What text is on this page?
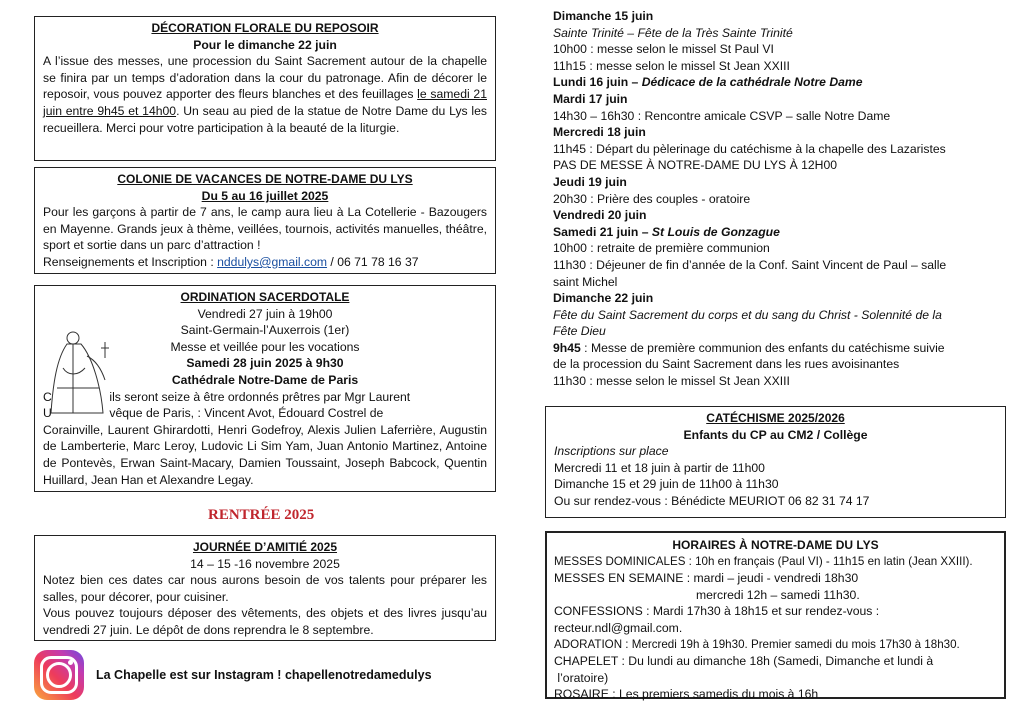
DÉCORATION FLORALE DU REPOSOIR
Pour le dimanche 22 juin

A l’issue des messes, une procession du Saint Sacrement autour de la chapelle se finira par un temps d’adoration dans la cour du patronage. Afin de décorer le reposoir, vous pouvez apporter des fleurs blanches et des feuillages le samedi 21 juin entre 9h45 et 14h00. Un seau au pied de la statue de Notre Dame du Lys les recueillera. Merci pour votre participation à la beauté de la liturgie.

COLONIE DE VACANCES DE NOTRE-DAME DU LYS
Du 5 au 16 juillet 2025

Pour les garçons à partir de 7 ans, le camp aura lieu à La Cotellerie - Bazougers en Mayenne. Grands jeux à thème, veillées, tournois, activités manuelles, théâtre, sport et sortie dans un parc d’attraction !

Renseignements et Inscription : nddulys@gmail.com / 06 71 78 16 37

ORDINATION SACERDOTALE
Vendredi 27 juin à 19h00
Saint-Germain-l’Auxerrois (1er)
Messe et veillée pour les vocations
Samedi 28 juin 2025 à 9h30
Cathédrale Notre-Dame de Paris

C                 ils seront seize à être ordonnés prêtres par Mgr Laurent

U                 vêque de Paris, : Vincent Avot, Édouard Costrel de

Corainville, Laurent Ghirardotti, Henri Godefroy, Alexis Julien Laferrière, Augustin de Lamberterie, Marc Leroy, Ludovic Li Sim Yam, Juan Antonio Martinez, Antoine de Pontevès, Erwan Saint-Macary, Damien Toussaint, Joseph Babcock, Quentin Huillard, Jean Han et Alexandre Legay.

RENTRÉE 2025
JOURNÉE D’AMITIÉ 2025
14 – 15 -16 novembre 2025

Notez bien ces dates car nous aurons besoin de vos talents pour préparer les salles, pour décorer, pour cuisiner.

Vous pouvez toujours déposer des vêtements, des objets et des livres jusqu’au vendredi 27 juin. Le dépôt de dons reprendra le 8 septembre.

La Chapelle est sur Instagram ! chapellenotredamedulys

Dimanche 15 juin

Sainte Trinité – Fête de la Très Sainte Trinité

10h00 : messe selon le missel St Paul VI

11h15 : messe selon le missel St Jean XXIII

Lundi 16 juin – Dédicace de la cathédrale Notre Dame

Mardi 17 juin

14h30 – 16h30 : Rencontre amicale CSVP – salle Notre Dame

Mercredi 18 juin

11h45 : Départ du pèlerinage du catéchisme à la chapelle des Lazaristes

PAS DE MESSE À NOTRE-DAME DU LYS À 12H00

Jeudi 19 juin

20h30 : Prière des couples - oratoire

Vendredi 20 juin

Samedi 21 juin – St Louis de Gonzague

10h00 : retraite de première communion

11h30 : Déjeuner de fin d’année de la Conf. Saint Vincent de Paul – salle

saint Michel

Dimanche 22 juin

Fête du Saint Sacrement du corps et du sang du Christ - Solennité de la

Fête Dieu

9h45 : Messe de première communion des enfants du catéchisme suivie

de la procession du Saint Sacrement dans les rues avoisinantes

11h30 : messe selon le missel St Jean XXIII

CATÉCHISME 2025/2026
Enfants du CP au CM2 / Collège

Inscriptions sur place

Mercredi 11 et 18 juin à partir de 11h00

Dimanche 15 et 29 juin de 11h00 à 11h30

Ou sur rendez-vous : Bénédicte MEURIOT 06 82 31 74 17

HORAIRES À NOTRE-DAME DU LYS

MESSES DOMINICALES : 10h en français (Paul VI) - 11h15 en latin (Jean XXIII).

MESSES EN SEMAINE : mardi – jeudi - vendredi 18h30

mercredi 12h – samedi 11h30.

CONFESSIONS : Mardi 17h30 à 18h15 et sur rendez-vous :

recteur.ndl@gmail.com.

ADORATION : Mercredi 19h à 19h30. Premier samedi du mois 17h30 à 18h30.

CHAPELET : Du lundi au dimanche 18h (Samedi, Dimanche et lundi à

l’oratoire)

ROSAIRE : Les premiers samedis du mois à 16h
